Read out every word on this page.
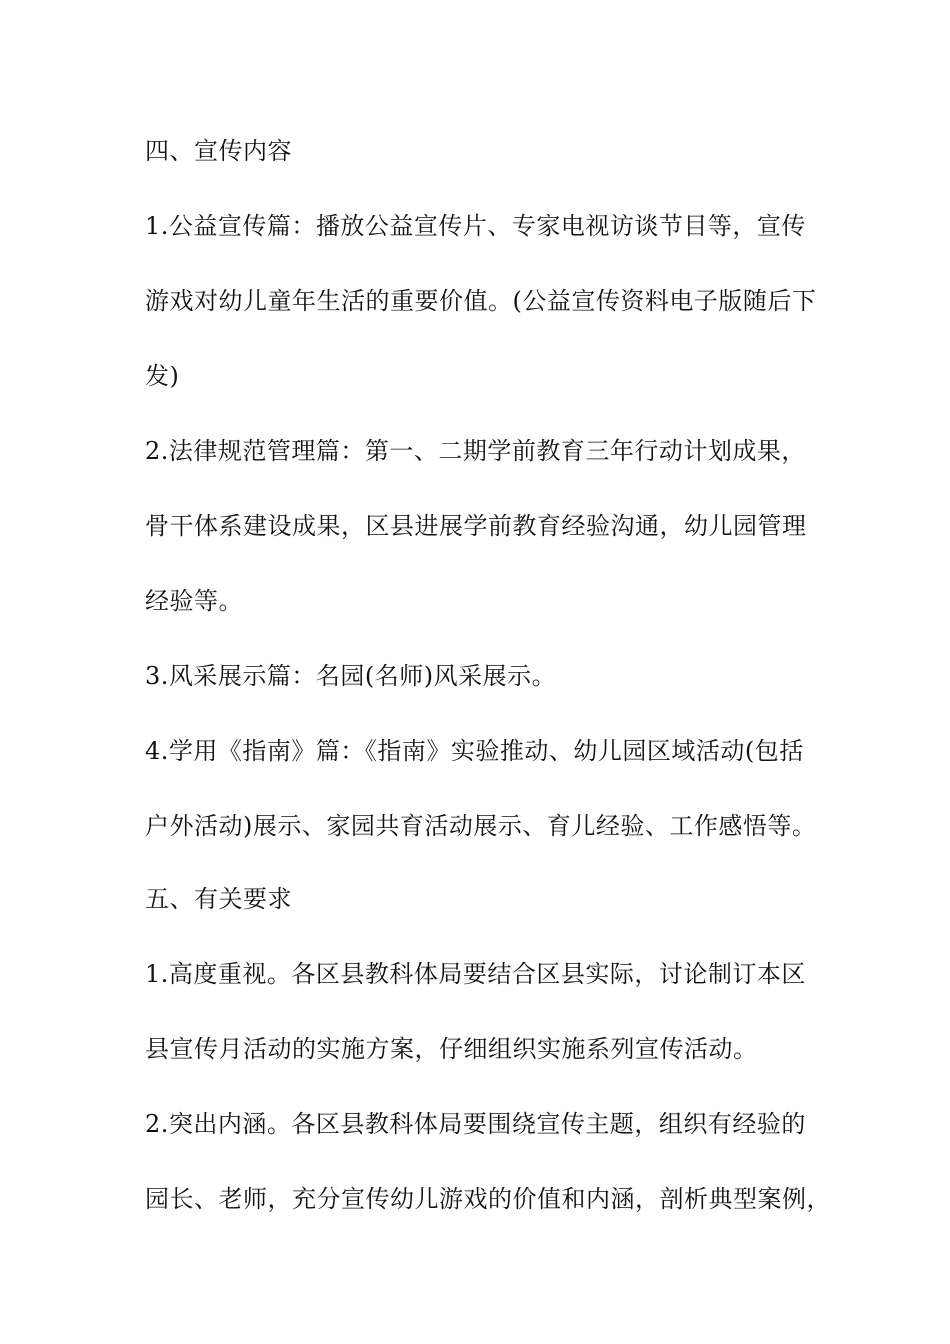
四、宣传内容
1.公益宣传篇：播放公益宣传片、专家电视访谈节目等，宣传
游戏对幼儿童年生活的重要价值。(公益宣传资料电子版随后下
发)
2.法律规范管理篇：第一、二期学前教育三年行动计划成果，
骨干体系建设成果，区县进展学前教育经验沟通，幼儿园管理
经验等。
3.风采展示篇：名园(名师)风采展示。
4.学用《指南》篇：《指南》实验推动、幼儿园区域活动(包括
户外活动)展示、家园共育活动展示、育儿经验、工作感悟等。
五、有关要求
1.高度重视。各区县教科体局要结合区县实际，讨论制订本区
县宣传月活动的实施方案，仔细组织实施系列宣传活动。
2.突出内涵。各区县教科体局要围绕宣传主题，组织有经验的
园长、老师，充分宣传幼儿游戏的价值和内涵，剖析典型案例，
